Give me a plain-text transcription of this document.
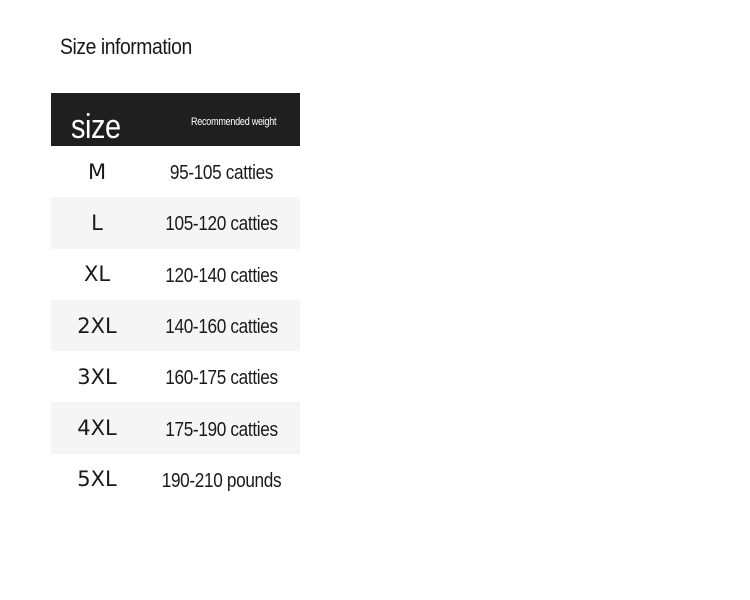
Size information
size	Recommended weight
M	95-105 catties
L	105-120 catties
XL	120-140 catties
2XL	140-160 catties
3XL	160-175 catties
4XL	175-190 catties
5XL	190-210 pounds
